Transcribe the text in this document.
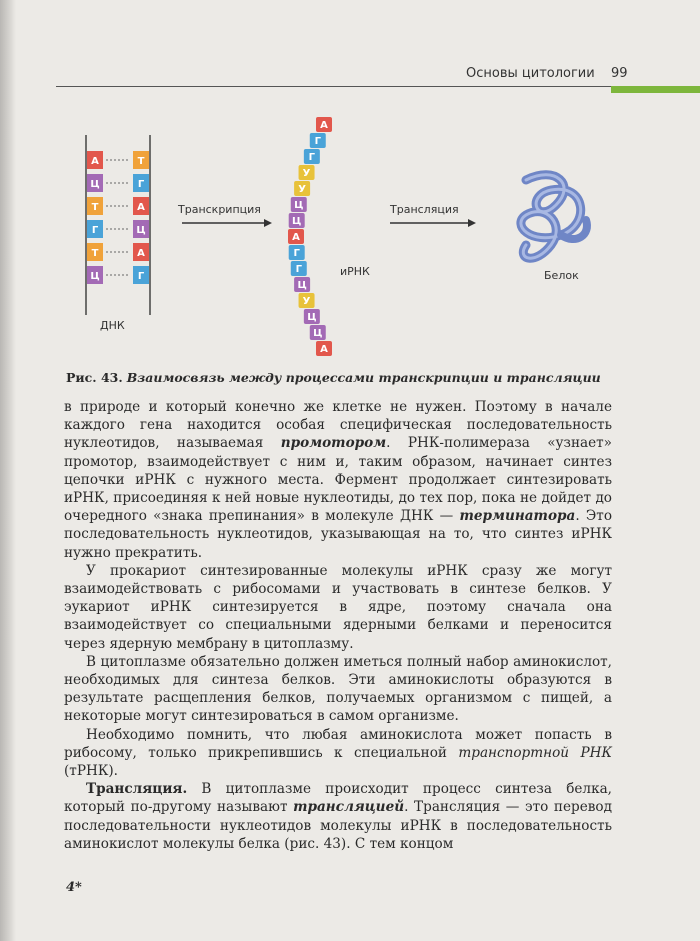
Основы цитологии 99
А	Т
Ц	Г
Т	А
Г	Ц
Т	А
Ц	Г
А
Г
Г
У
У
Ц
Ц
А
Г
Г
Ц
У
Ц
Ц
А
ДНК
Транскрипция	Трансляция
иРНК	Белок
Рис. 43. Взаимосвязь между процессами транскрипции и трансляции

в природе и который конечно же клетке не нужен. Поэтому в начале каждого гена находится особая специфическая последовательность нуклеотидов, называемая промотором. РНК-полимераза «узнает» промотор, взаимодействует с ним и, таким образом, начинает синтез цепочки иРНК с нужного места. Фермент продолжает синтезировать иРНК, присоединяя к ней новые нуклеотиды, до тех пор, пока не дойдет до очередного «знака препинания» в молекуле ДНК — терминатора. Это последовательность нуклеотидов, указывающая на то, что синтез иРНК нужно прекратить.

У прокариот синтезированные молекулы иРНК сразу же могут взаимодействовать с рибосомами и участвовать в синтезе белков. У эукариот иРНК синтезируется в ядре, поэтому сначала она взаимодействует со специальными ядерными белками и переносится через ядерную мембрану в цитоплазму.

В цитоплазме обязательно должен иметься полный набор аминокислот, необходимых для синтеза белков. Эти аминокислоты образуются в результате расщепления белков, получаемых организмом с пищей, а некоторые могут синтезироваться в самом организме.

Необходимо помнить, что любая аминокислота может попасть в рибосому, только прикрепившись к специальной транспортной РНК (тРНК).

Трансляция. В цитоплазме происходит процесс синтеза белка, который по-другому называют трансляцией. Трансляция — это перевод последовательности нуклеотидов молекулы иРНК в последовательность аминокислот молекулы белка (рис. 43). С тем концом

4*
